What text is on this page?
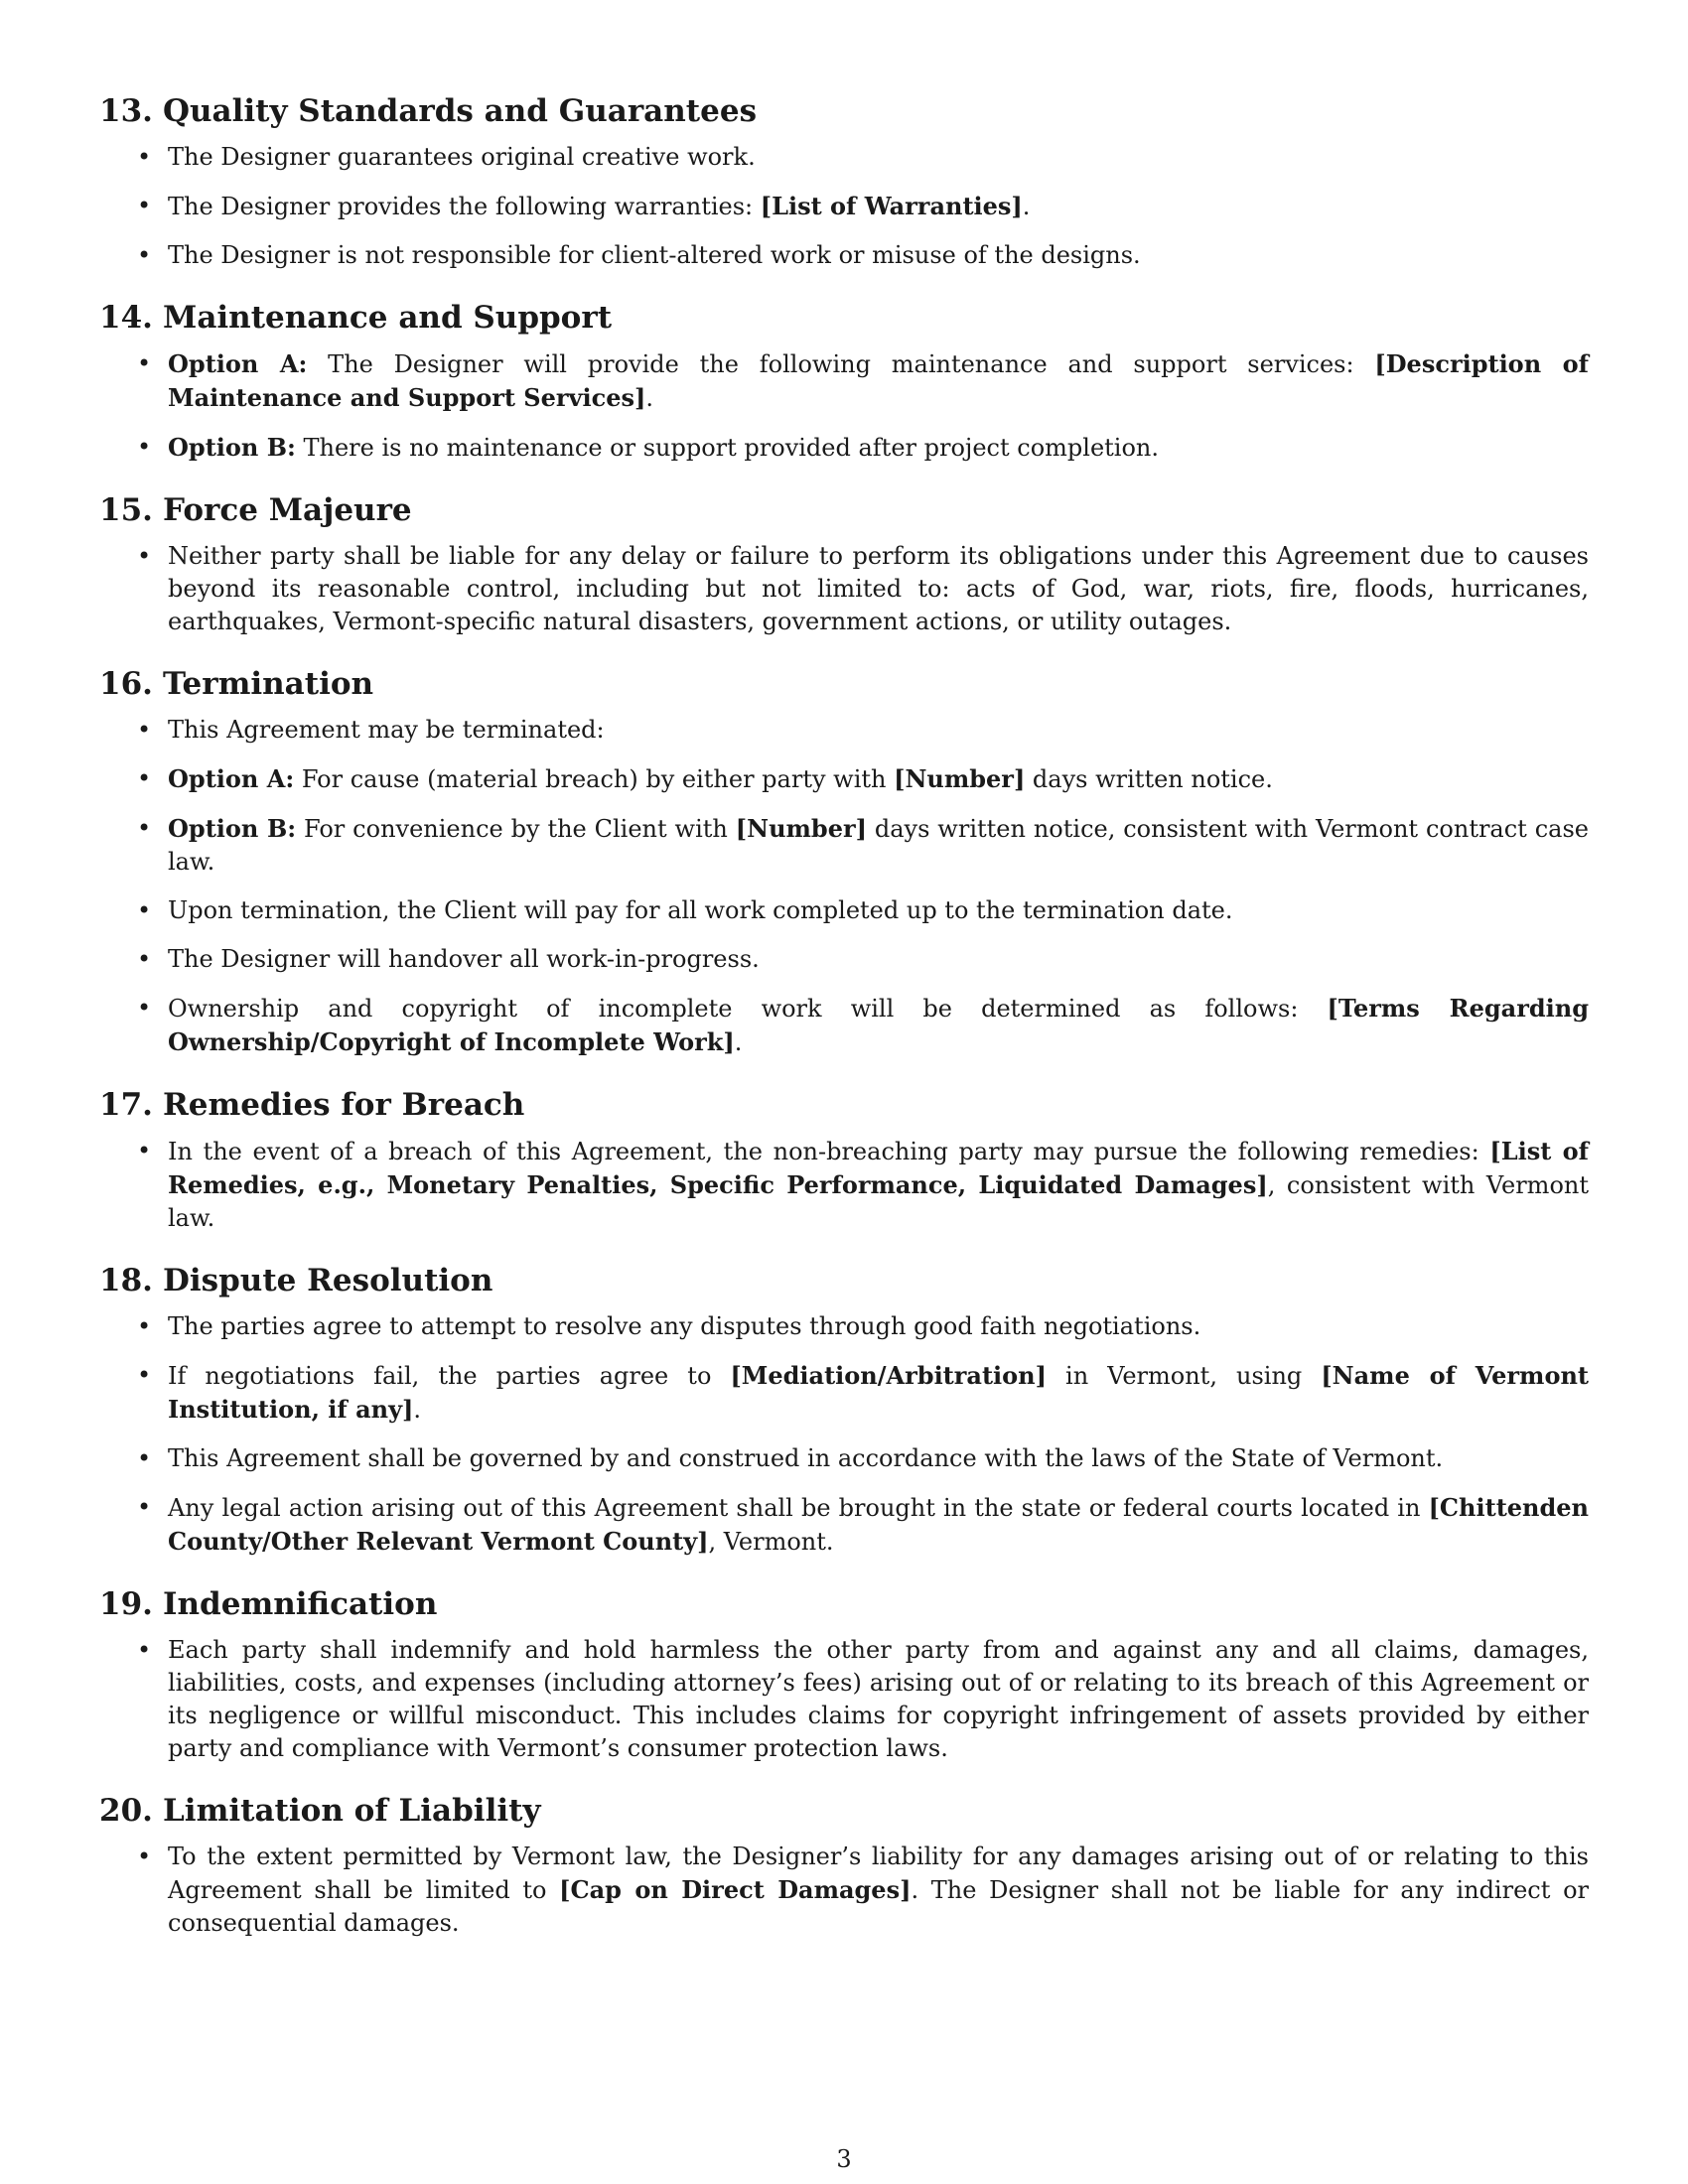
13. Quality Standards and Guarantees
• The Designer guarantees original creative work.
• The Designer provides the following warranties: [List of Warranties].
• The Designer is not responsible for client-altered work or misuse of the designs.
14. Maintenance and Support
• Option A: The Designer will provide the following maintenance and support services: [Description of Maintenance and Support Services].
• Option B: There is no maintenance or support provided after project completion.
15. Force Majeure
• Neither party shall be liable for any delay or failure to perform its obligations under this Agreement due to causes beyond its reasonable control, including but not limited to: acts of God, war, riots, fire, floods, hurricanes, earthquakes, Vermont-specific natural disasters, government actions, or utility outages.
16. Termination
• This Agreement may be terminated:
• Option A: For cause (material breach) by either party with [Number] days written notice.
• Option B: For convenience by the Client with [Number] days written notice, consistent with Vermont contract case law.
• Upon termination, the Client will pay for all work completed up to the termination date.
• The Designer will handover all work-in-progress.
• Ownership and copyright of incomplete work will be determined as follows: [Terms Regarding Ownership/Copyright of Incomplete Work].
17. Remedies for Breach
• In the event of a breach of this Agreement, the non-breaching party may pursue the following remedies: [List of Remedies, e.g., Monetary Penalties, Specific Performance, Liquidated Damages], consistent with Vermont law.
18. Dispute Resolution
• The parties agree to attempt to resolve any disputes through good faith negotiations.
• If negotiations fail, the parties agree to [Mediation/Arbitration] in Vermont, using [Name of Vermont Institution, if any].
• This Agreement shall be governed by and construed in accordance with the laws of the State of Vermont.
• Any legal action arising out of this Agreement shall be brought in the state or federal courts located in [Chittenden County/Other Relevant Vermont County], Vermont.
19. Indemnification
• Each party shall indemnify and hold harmless the other party from and against any and all claims, damages, liabilities, costs, and expenses (including attorney’s fees) arising out of or relating to its breach of this Agreement or its negligence or willful misconduct. This includes claims for copyright infringement of assets provided by either party and compliance with Vermont’s consumer protection laws.
20. Limitation of Liability
• To the extent permitted by Vermont law, the Designer’s liability for any damages arising out of or relating to this Agreement shall be limited to [Cap on Direct Damages]. The Designer shall not be liable for any indirect or consequential damages.
3
